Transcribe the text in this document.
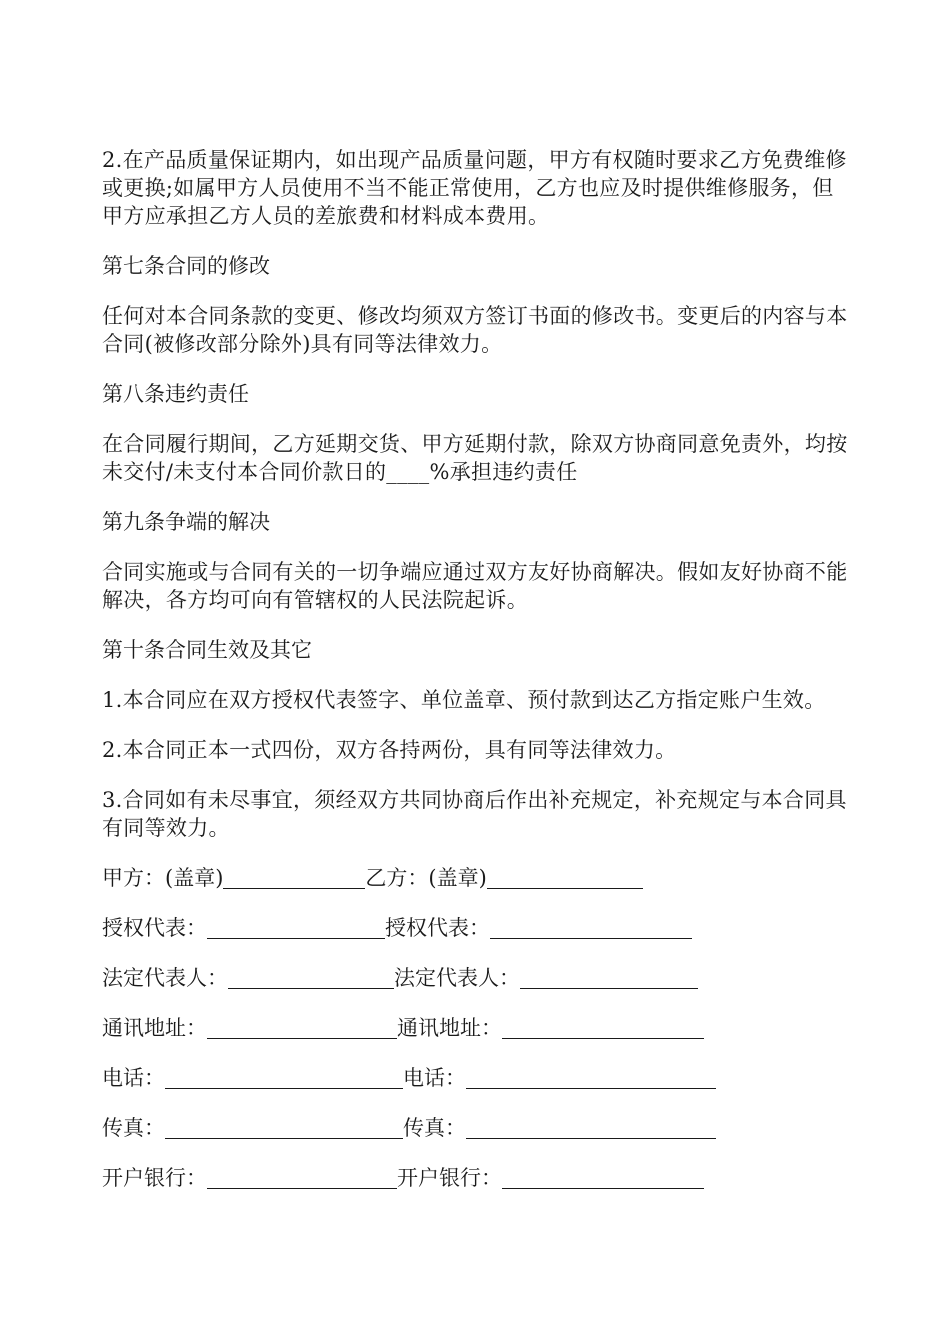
2.在产品质量保证期内，如出现产品质量问题，甲方有权随时要求乙方免费维修或更换;如属甲方人员使用不当不能正常使用，乙方也应及时提供维修服务，但甲方应承担乙方人员的差旅费和材料成本费用。

第七条合同的修改

任何对本合同条款的变更、修改均须双方签订书面的修改书。变更后的内容与本合同(被修改部分除外)具有同等法律效力。

第八条违约责任

在合同履行期间，乙方延期交货、甲方延期付款，除双方协商同意免责外，均按未交付/未支付本合同价款日的____%承担违约责任

第九条争端的解决

合同实施或与合同有关的一切争端应通过双方友好协商解决。假如友好协商不能解决，各方均可向有管辖权的人民法院起诉。

第十条合同生效及其它

1.本合同应在双方授权代表签字、单位盖章、预付款到达乙方指定账户生效。

2.本合同正本一式四份，双方各持两份，具有同等法律效力。

3.合同如有未尽事宜，须经双方共同协商后作出补充规定，补充规定与本合同具有同等效力。

甲方：(盖章)	乙方：(盖章)
授权代表：	授权代表：
法定代表人：	法定代表人：
通讯地址：	通讯地址：
电话：	电话：
传真：	传真：
开户银行：	开户银行：
